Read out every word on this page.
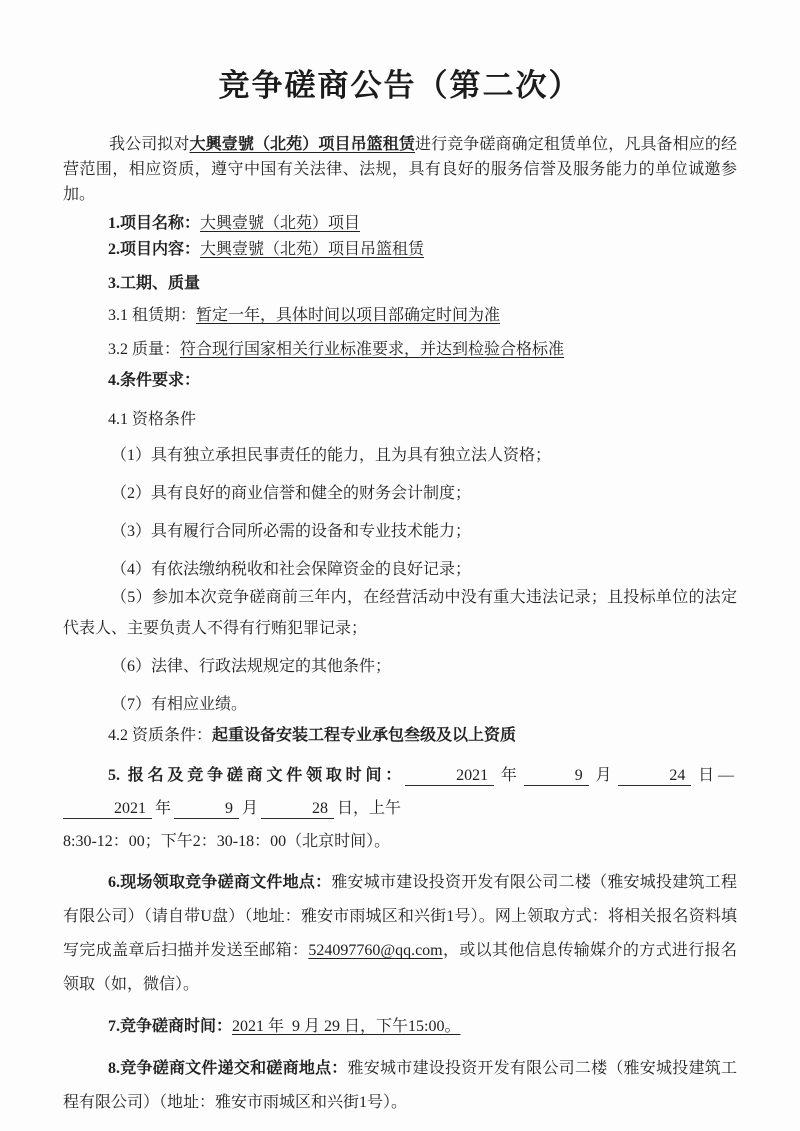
竞争磋商公告（第二次）

我公司拟对大興壹號（北苑）项目吊篮租赁进行竞争磋商确定租赁单位，凡具备相应的经营范围，相应资质，遵守中国有关法律、法规，具有良好的服务信誉及服务能力的单位诚邀参加。

1.项目名称：大興壹號（北苑）项目

2.项目内容：大興壹號（北苑）项目吊篮租赁

3.工期、质量

3.1 租赁期：暂定一年，具体时间以项目部确定时间为准

3.2 质量：符合现行国家相关行业标准要求，并达到检验合格标准

4.条件要求：

4.1 资格条件

（1）具有独立承担民事责任的能力，且为具有独立法人资格；

（2）具有良好的商业信誉和健全的财务会计制度；

（3）具有履行合同所必需的设备和专业技术能力；

（4）有依法缴纳税收和社会保障资金的良好记录；

（5）参加本次竞争磋商前三年内，在经营活动中没有重大违法记录；且投标单位的法定代表人、主要负责人不得有行贿犯罪记录；

（6）法律、行政法规规定的其他条件；

（7）有相应业绩。

4.2 资质条件：起重设备安装工程专业承包叁级及以上资质

5. 报名及竞争磋商文件领取时间：	2021 年	9 月	24 日—2021 年	9 月	28 日，上午
8:30-12：00；下午2：30-18：00（北京时间）。

6.现场领取竞争磋商文件地点：雅安城市建设投资开发有限公司二楼（雅安城投建筑工程有限公司）（请自带U盘）（地址：雅安市雨城区和兴街1号）。网上领取方式：将相关报名资料填写完成盖章后扫描并发送至邮箱：524097760@qq.com，或以其他信息传输媒介的方式进行报名领取（如，微信）。

7.竞争磋商时间：2021 年  9 月 29 日，下午15:00。

8.竞争磋商文件递交和磋商地点：雅安城市建设投资开发有限公司二楼（雅安城投建筑工程有限公司）（地址：雅安市雨城区和兴街1号）。
